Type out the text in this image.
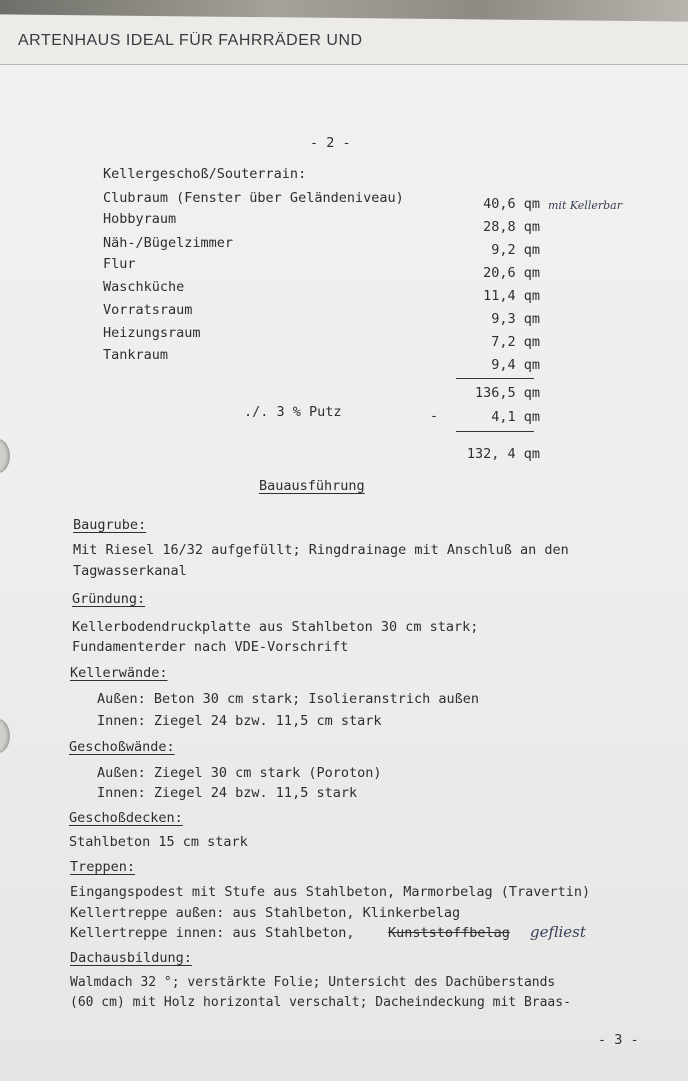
ARTENHAUS IDEAL FÜR FAHRRÄDER UND
- 2 -
Kellergeschoß/Souterrain:
Clubraum (Fenster über Geländeniveau)
Hobbyraum
Näh-/Bügelzimmer
Flur
Waschküche
Vorratsraum
Heizungsraum
Tankraum
40,6 qm mit Kellerbar
28,8 qm
9,2 qm
20,6 qm
11,4 qm
9,3 qm
7,2 qm
9,4 qm
136,5 qm
./. 3 % Putz	-	4,1 qm
132, 4 qm
Bauausführung
Baugrube:
Mit Riesel 16/32 aufgefüllt; Ringdrainage mit Anschluß an den
Tagwasserkanal
Gründung:
Kellerbodendruckplatte aus Stahlbeton 30 cm stark;
Fundamenterder nach VDE-Vorschrift
Kellerwände:
Außen: Beton 30 cm stark; Isolieranstrich außen
Innen: Ziegel 24 bzw. 11,5 cm stark
Geschoßwände:
Außen: Ziegel 30 cm stark (Poroton)
Innen: Ziegel 24 bzw. 11,5 stark
Geschoßdecken:
Stahlbeton 15 cm stark
Treppen:
Eingangspodest mit Stufe aus Stahlbeton, Marmorbelag (Travertin)
Kellertreppe außen: aus Stahlbeton, Klinkerbelag
Kellertreppe innen: aus Stahlbeton, Kunststoffbelag gefliest
Dachausbildung:
Walmdach 32 °; verstärkte Folie; Untersicht des Dachüberstands
(60 cm) mit Holz horizontal verschalt; Dacheindeckung mit Braas-
- 3 -
